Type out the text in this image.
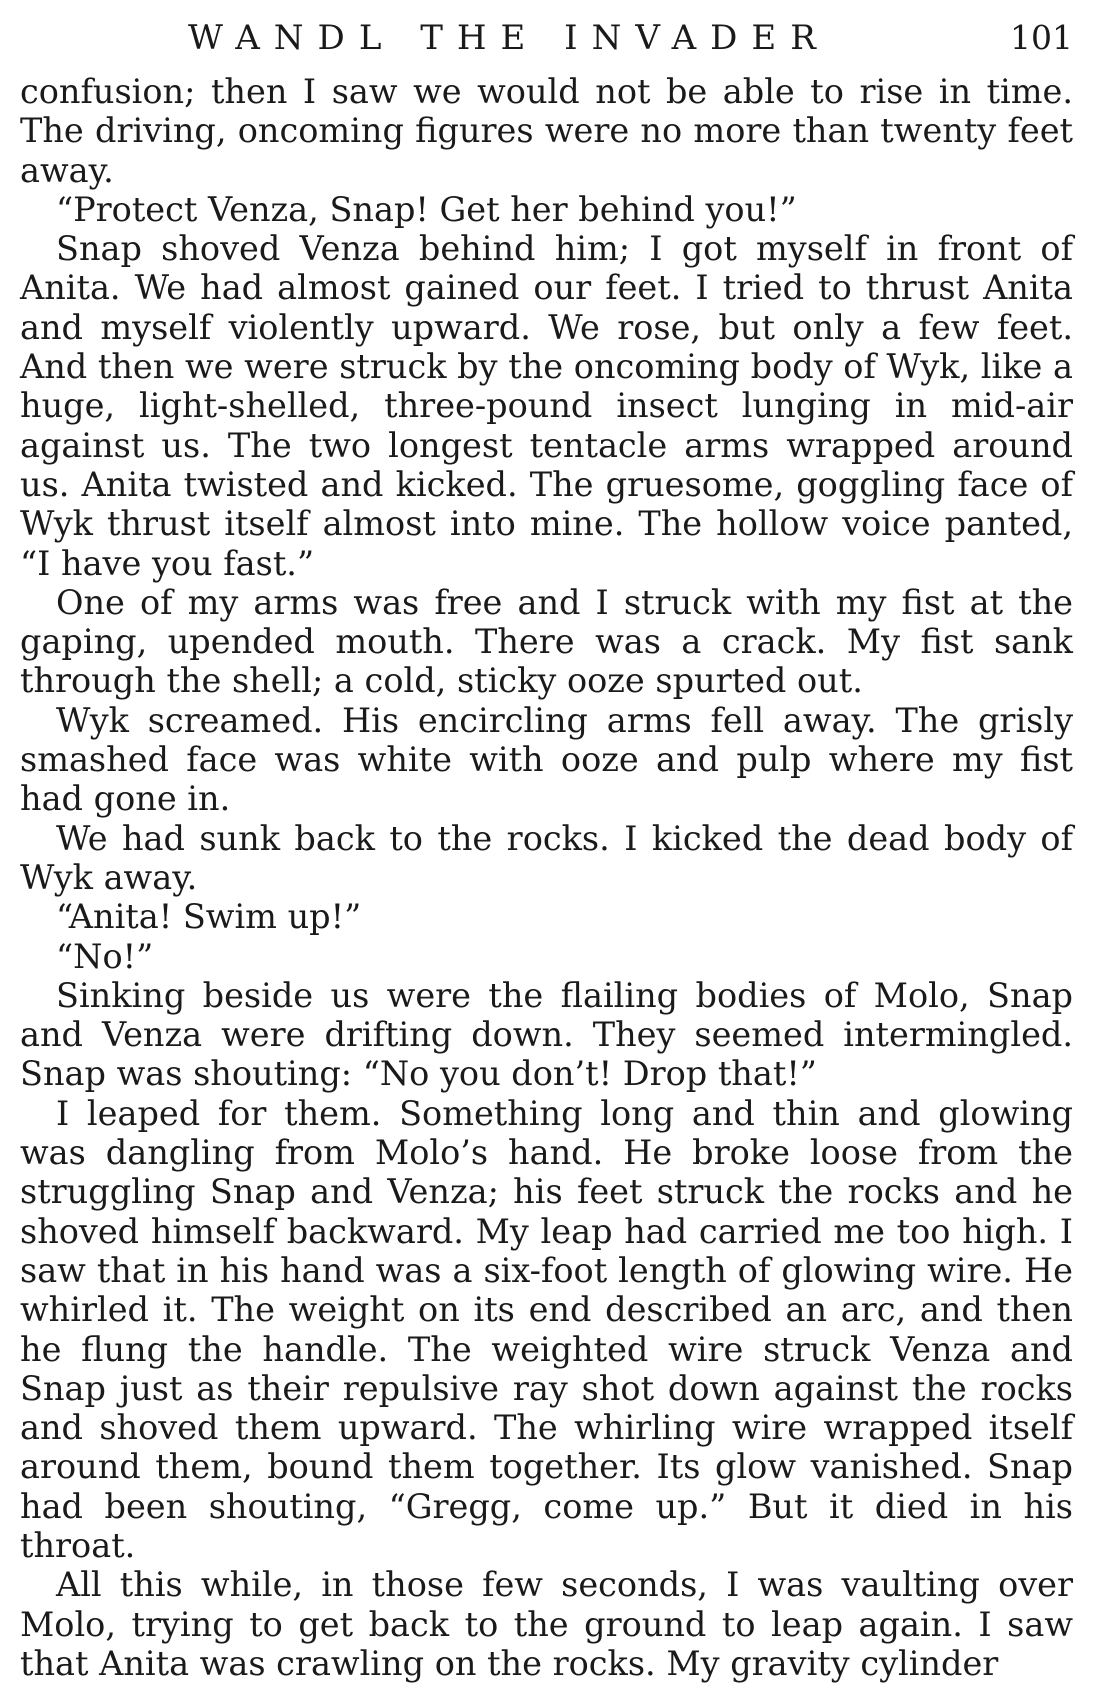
WANDL THE INVADER	101

confusion; then I saw we would not be able to rise in time. The driving, oncoming figures were no more than twenty feet away.

“Protect Venza, Snap! Get her behind you!”

Snap shoved Venza behind him; I got myself in front of Anita. We had almost gained our feet. I tried to thrust Anita and myself violently upward. We rose, but only a few feet. And then we were struck by the oncoming body of Wyk, like a huge, light-shelled, three-pound insect lunging in mid-air against us. The two longest tentacle arms wrapped around us. Anita twisted and kicked. The gruesome, goggling face of Wyk thrust itself almost into mine. The hollow voice panted, “I have you fast.”

One of my arms was free and I struck with my fist at the gaping, upended mouth. There was a crack. My fist sank through the shell; a cold, sticky ooze spurted out.

Wyk screamed. His encircling arms fell away. The grisly smashed face was white with ooze and pulp where my fist had gone in.

We had sunk back to the rocks. I kicked the dead body of Wyk away.

“Anita! Swim up!”

“No!”

Sinking beside us were the flailing bodies of Molo, Snap and Venza were drifting down. They seemed intermingled. Snap was shouting: “No you don’t! Drop that!”

I leaped for them. Something long and thin and glowing was dangling from Molo’s hand. He broke loose from the struggling Snap and Venza; his feet struck the rocks and he shoved himself backward. My leap had carried me too high. I saw that in his hand was a six-foot length of glowing wire. He whirled it. The weight on its end described an arc, and then he flung the handle. The weighted wire struck Venza and Snap just as their repulsive ray shot down against the rocks and shoved them upward. The whirling wire wrapped itself around them, bound them together. Its glow vanished. Snap had been shouting, “Gregg, come up.” But it died in his throat.

All this while, in those few seconds, I was vaulting over Molo, trying to get back to the ground to leap again. I saw that Anita was crawling on the rocks. My gravity cylinder
